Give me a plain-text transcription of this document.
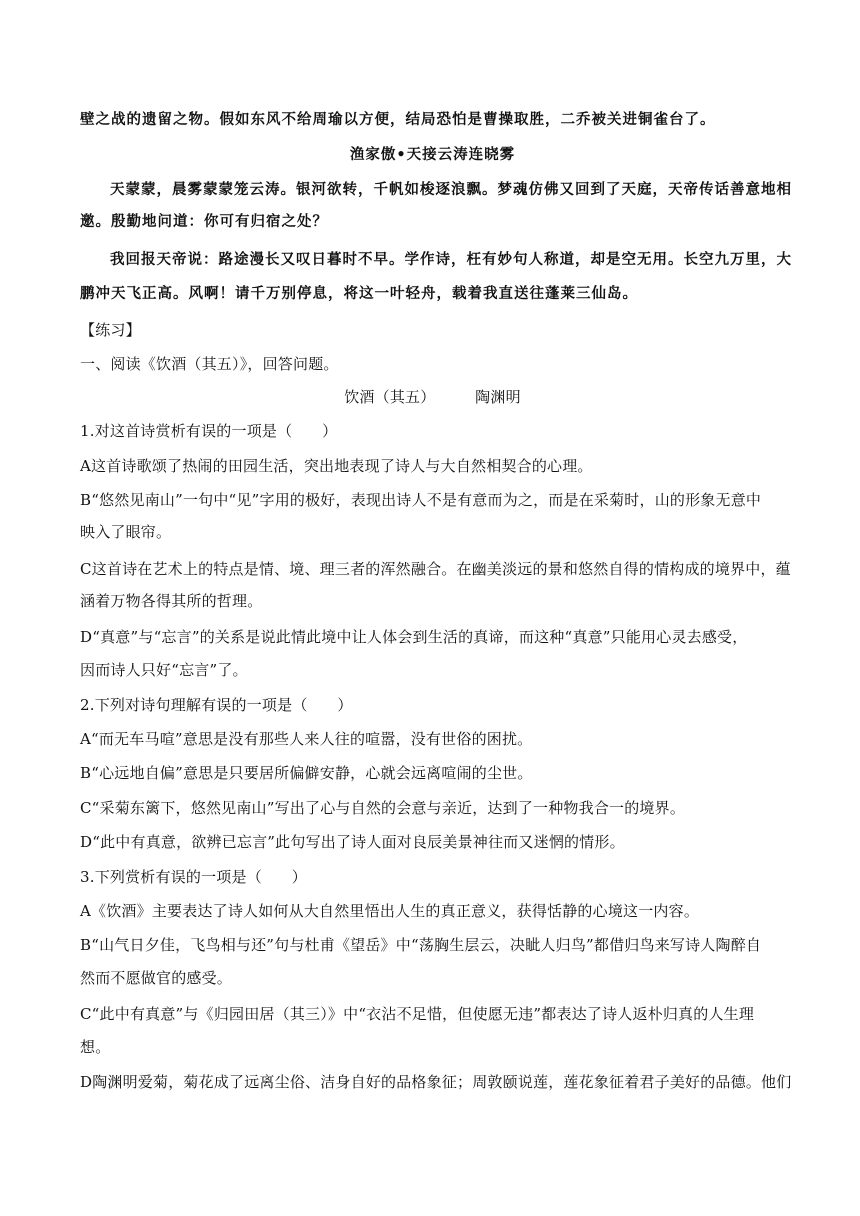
壁之战的遗留之物。假如东风不给周瑜以方便，结局恐怕是曹操取胜，二乔被关进铜雀台了。
渔家傲•天接云涛连晓雾
天蒙蒙，晨雾蒙蒙笼云涛。银河欲转，千帆如梭逐浪飘。梦魂仿佛又回到了天庭，天帝传话善意地相
邀。殷勤地问道：你可有归宿之处？
我回报天帝说：路途漫长又叹日暮时不早。学作诗，枉有妙句人称道，却是空无用。长空九万里，大
鹏冲天飞正高。风啊！请千万别停息，将这一叶轻舟，载着我直送往蓬莱三仙岛。
【练习】
一、阅读《饮酒（其五）》，回答问题。
饮酒（其五）        陶渊明
1.对这首诗赏析有误的一项是（      ）
A这首诗歌颂了热闹的田园生活，突出地表现了诗人与大自然相契合的心理。
B“悠然见南山”一句中“见”字用的极好，表现出诗人不是有意而为之，而是在采菊时，山的形象无意中
映入了眼帘。
C这首诗在艺术上的特点是情、境、理三者的浑然融合。在幽美淡远的景和悠然自得的情构成的境界中，蕴
涵着万物各得其所的哲理。
D“真意”与“忘言”的关系是说此情此境中让人体会到生活的真谛，而这种“真意”只能用心灵去感受，
因而诗人只好“忘言”了。
2.下列对诗句理解有误的一项是（      ）
A“而无车马喧”意思是没有那些人来人往的喧嚣，没有世俗的困扰。
B“心远地自偏”意思是只要居所偏僻安静，心就会远离喧闹的尘世。
C“采菊东篱下，悠然见南山”写出了心与自然的会意与亲近，达到了一种物我合一的境界。
D“此中有真意，欲辨已忘言”此句写出了诗人面对良辰美景神往而又迷惘的情形。
3.下列赏析有误的一项是（      ）
A《饮酒》主要表达了诗人如何从大自然里悟出人生的真正意义，获得恬静的心境这一内容。
B“山气日夕佳，飞鸟相与还”句与杜甫《望岳》中“荡胸生层云，决眦人归鸟”都借归鸟来写诗人陶醉自
然而不愿做官的感受。
C“此中有真意”与《归园田居（其三）》中“衣沾不足惜，但使愿无违”都表达了诗人返朴归真的人生理
想。
D陶渊明爱菊，菊花成了远离尘俗、洁身自好的品格象征；周敦颐说莲，莲花象征着君子美好的品德。他们
